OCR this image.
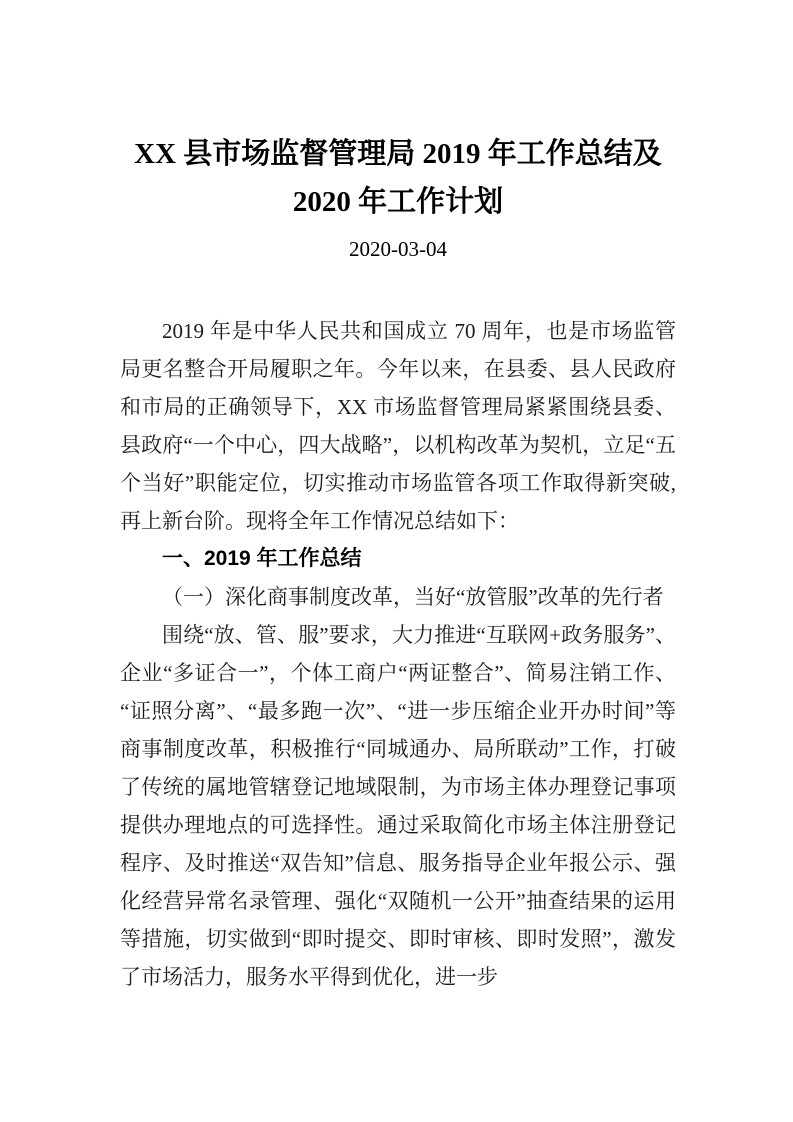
XX 县市场监督管理局 2019 年工作总结及 2020 年工作计划
2020-03-04
2019 年是中华人民共和国成立 70 周年，也是市场监管局更名整合开局履职之年。今年以来，在县委、县人民政府和市局的正确领导下，XX 市场监督管理局紧紧围绕县委、县政府“一个中心，四大战略”，以机构改革为契机，立足“五个当好”职能定位，切实推动市场监管各项工作取得新突破,再上新台阶。现将全年工作情况总结如下：
一、2019 年工作总结
（一）深化商事制度改革，当好“放管服”改革的先行者
围绕“放、管、服”要求，大力推进“互联网+政务服务”、企业“多证合一”，个体工商户“两证整合”、简易注销工作、“证照分离”、“最多跑一次”、“进一步压缩企业开办时间”等商事制度改革，积极推行“同城通办、局所联动”工作，打破了传统的属地管辖登记地域限制，为市场主体办理登记事项提供办理地点的可选择性。通过采取简化市场主体注册登记程序、及时推送“双告知”信息、服务指导企业年报公示、强化经营异常名录管理、强化“双随机一公开”抽查结果的运用等措施，切实做到“即时提交、即时审核、即时发照”，激发了市场活力，服务水平得到优化，进一步
